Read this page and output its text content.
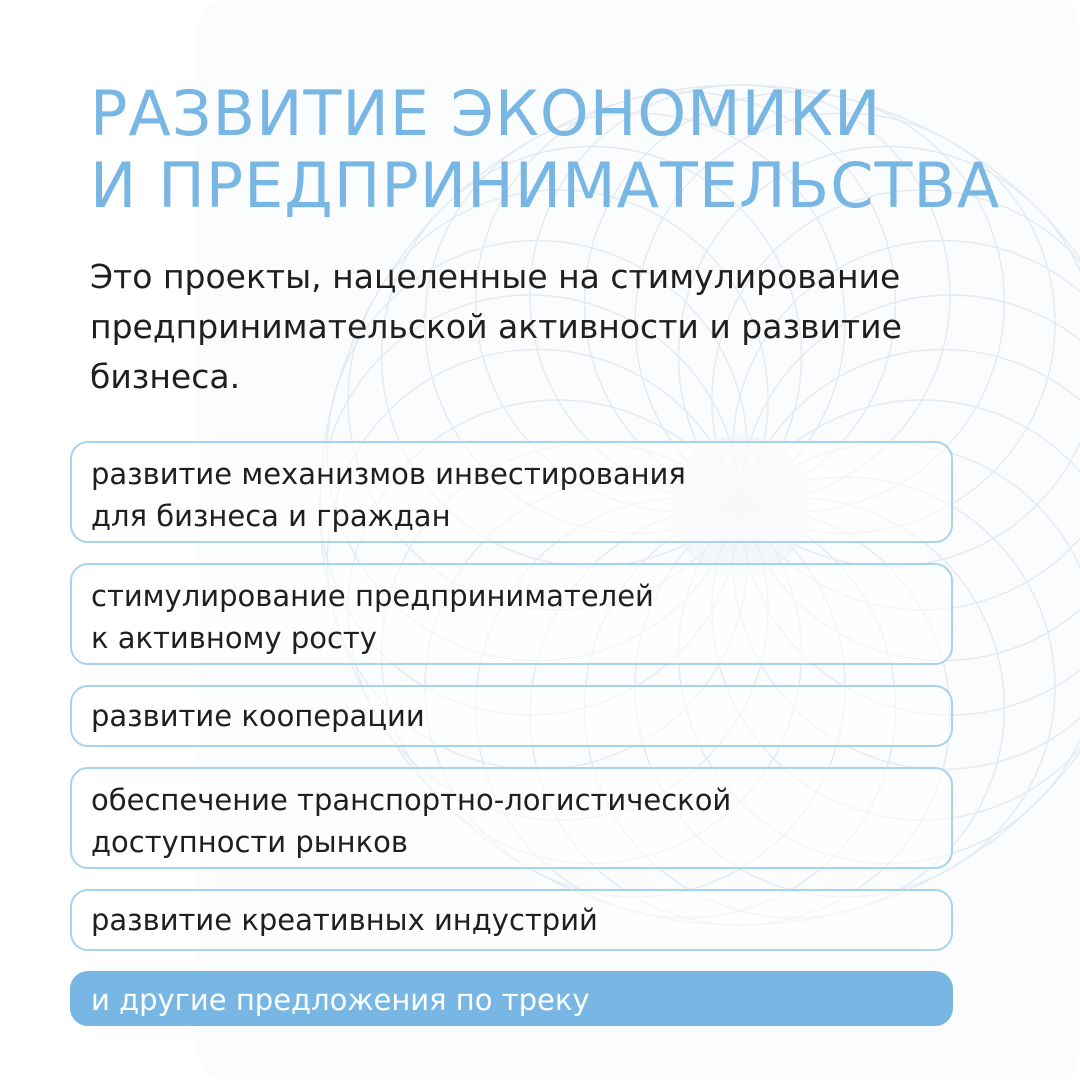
РАЗВИТИЕ ЭКОНОМИКИ
И ПРЕДПРИНИМАТЕЛЬСТВА

Это проекты, нацеленные на стимулирование
предпринимательской активности и развитие
бизнеса.

развитие механизмов инвестирования
для бизнеса и граждан
стимулирование предпринимателей
к активному росту
развитие кооперации
обеспечение транспортно-логистической
доступности рынков
развитие креативных индустрий
и другие предложения по треку
